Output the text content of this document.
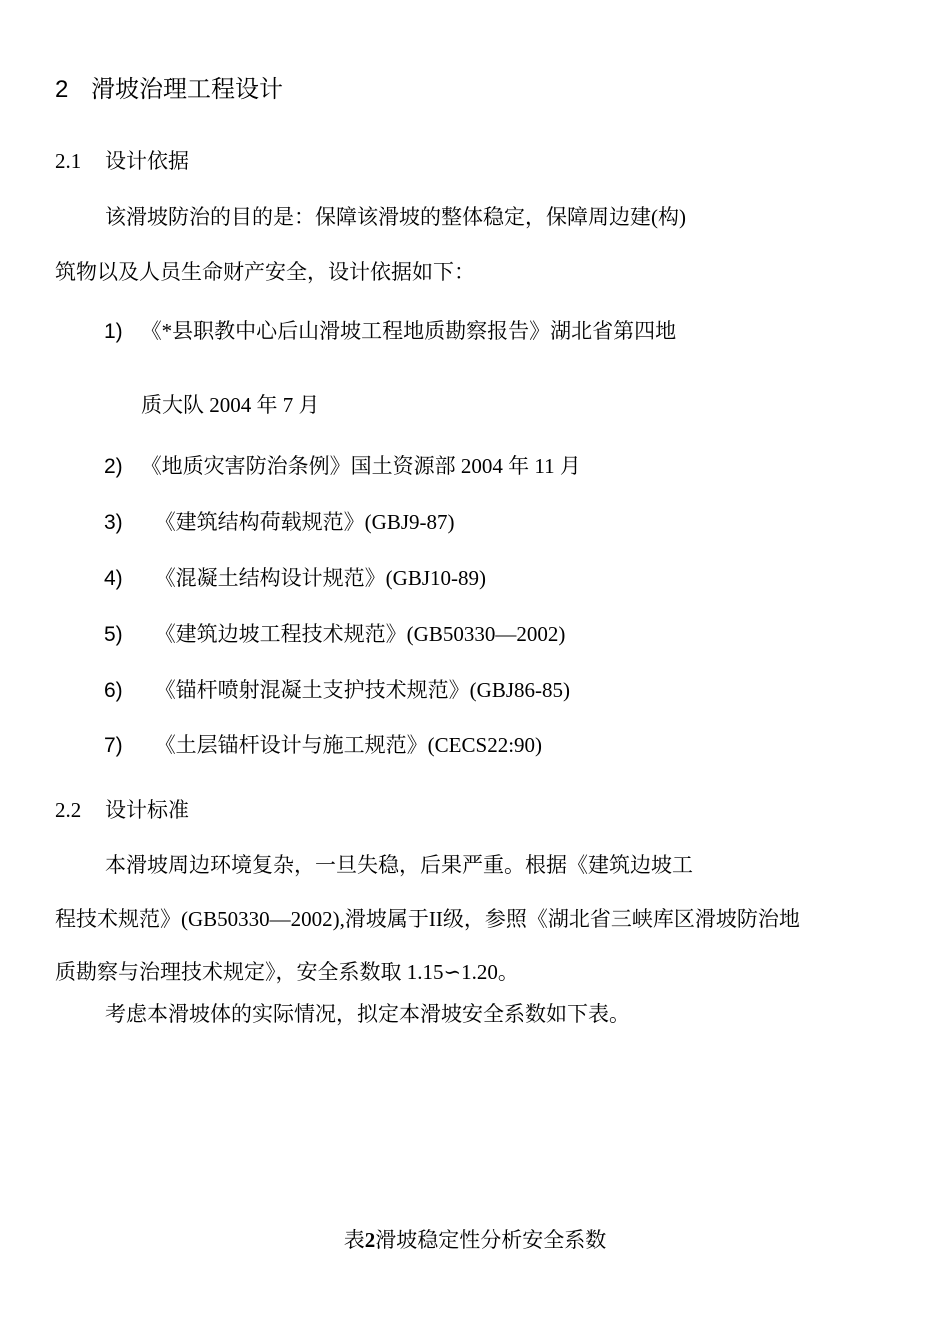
2 滑坡治理工程设计
2.1 设计依据
该滑坡防治的目的是：保障该滑坡的整体稳定，保障周边建(构)
筑物以及人员生命财产安全，设计依据如下：
1) 《*县职教中心后山滑坡工程地质勘察报告》湖北省第四地
质大队 2004 年 7 月
2) 《地质灾害防治条例》国土资源部 2004 年 11 月
3) 《建筑结构荷载规范》(GBJ9-87)
4) 《混凝土结构设计规范》(GBJ10-89)
5) 《建筑边坡工程技术规范》(GB50330—2002)
6) 《锚杆喷射混凝土支护技术规范》(GBJ86-85)
7) 《土层锚杆设计与施工规范》(CECS22:90)
2.2 设计标准
本滑坡周边环境复杂，一旦失稳，后果严重。根据《建筑边坡工
程技术规范》(GB50330—2002),滑坡属于II级，参照《湖北省三峡库区滑坡防治地
质勘察与治理技术规定》，安全系数取 1.15∽1.20。
考虑本滑坡体的实际情况，拟定本滑坡安全系数如下表。
表2滑坡稳定性分析安全系数
